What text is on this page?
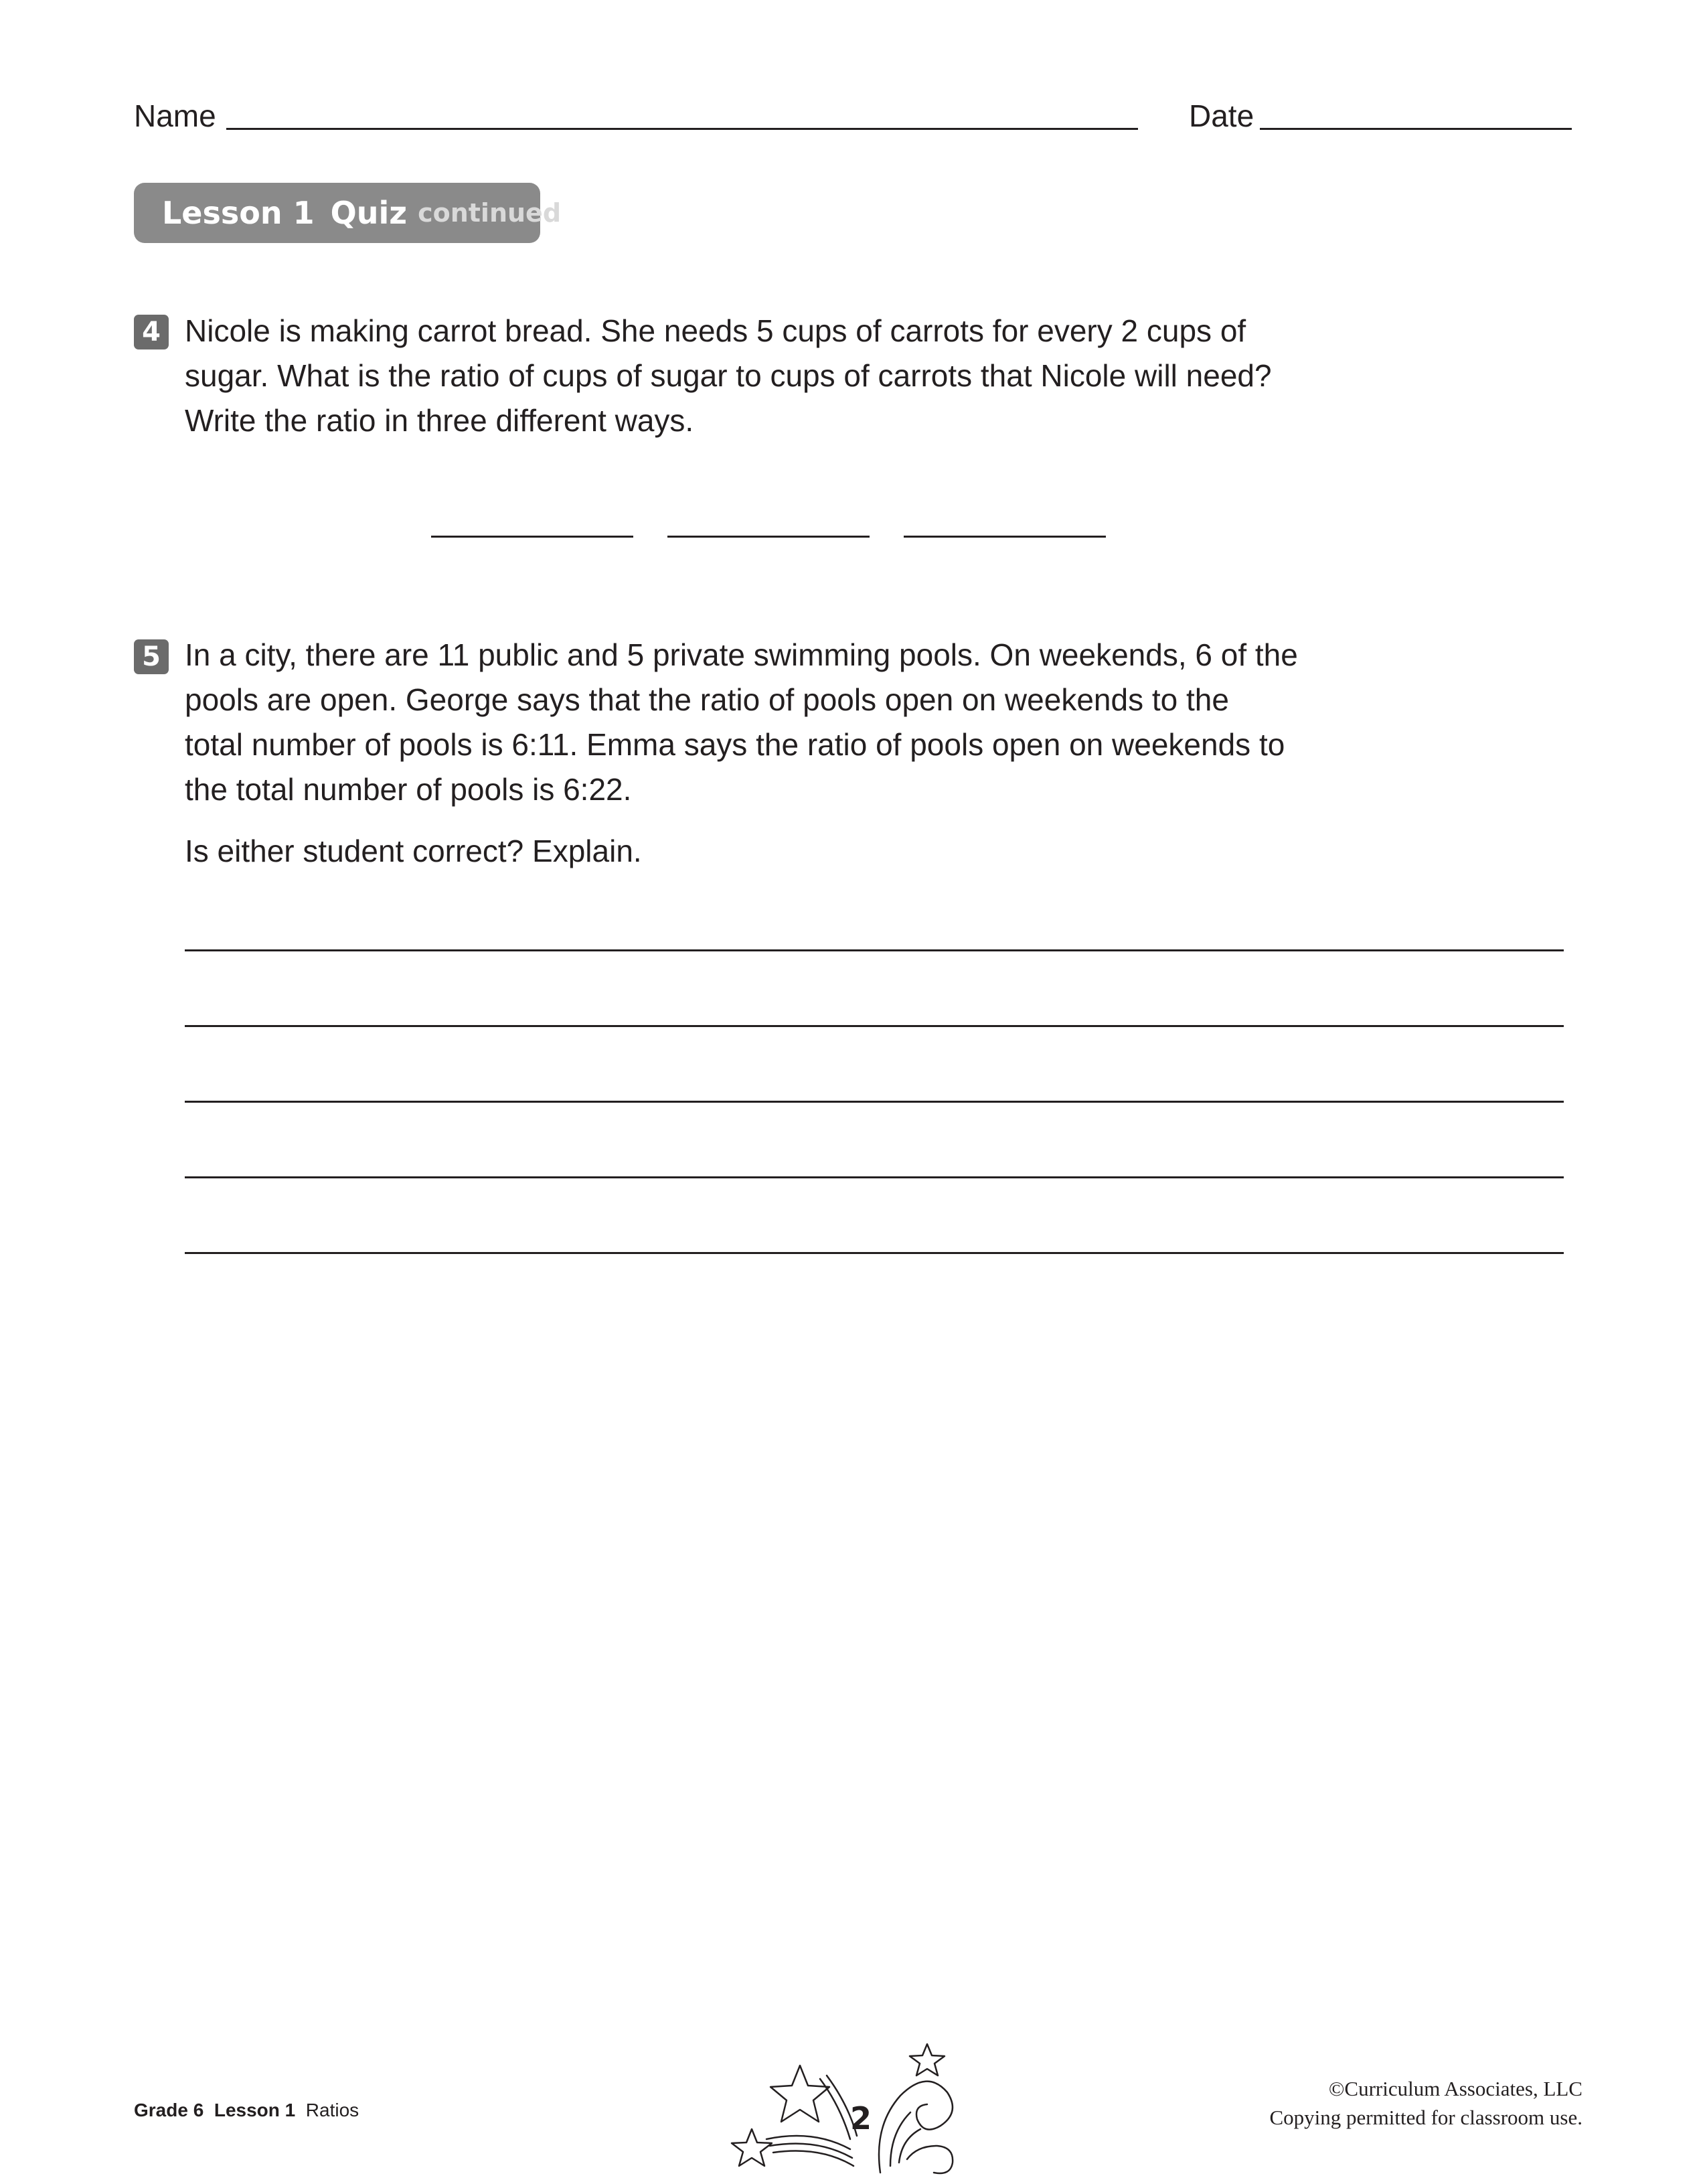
Name	Date
Lesson 1 Quiz continued
4 Nicole is making carrot bread. She needs 5 cups of carrots for every 2 cups of
sugar. What is the ratio of cups of sugar to cups of carrots that Nicole will need?
Write the ratio in three different ways.
5 In a city, there are 11 public and 5 private swimming pools. On weekends, 6 of the
pools are open. George says that the ratio of pools open on weekends to the
total number of pools is 6:11. Emma says the ratio of pools open on weekends to
the total number of pools is 6:22.
Is either student correct? Explain.
Grade 6 Lesson 1 Ratios	2
©Curriculum Associates, LLC
Copying permitted for classroom use.
